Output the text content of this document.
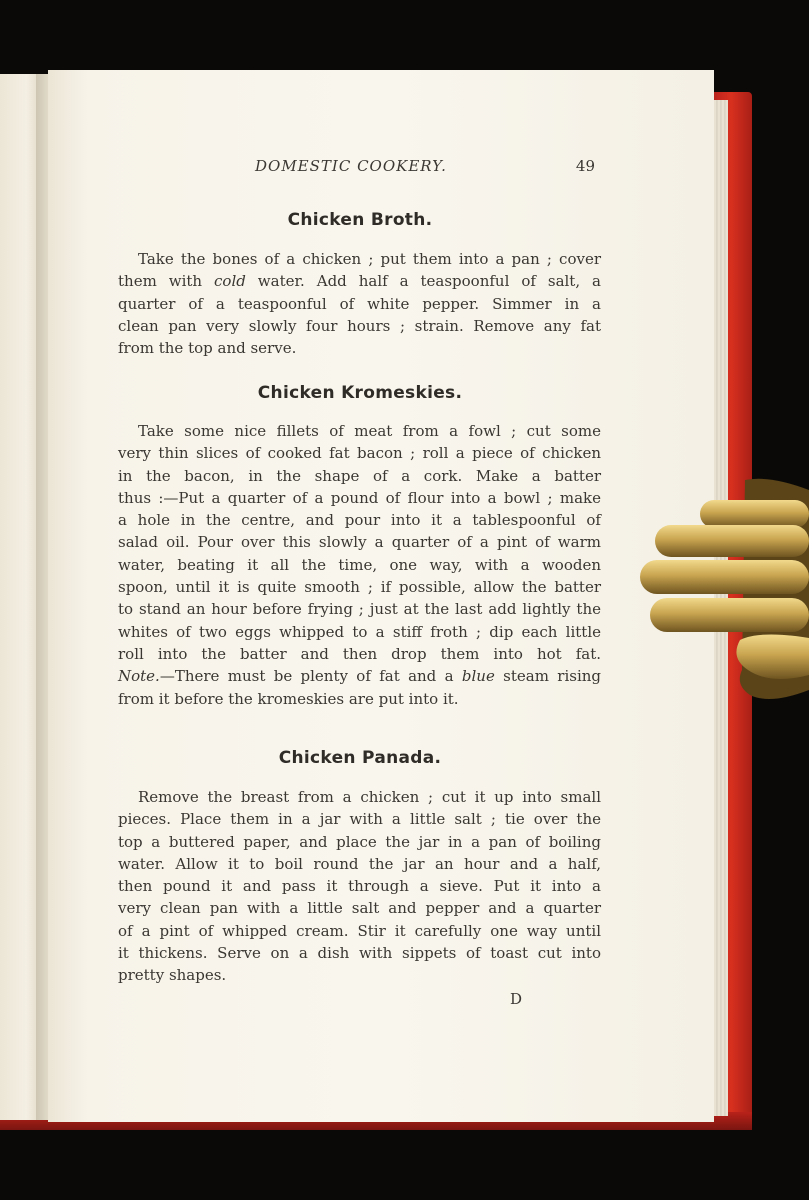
DOMESTIC COOKERY.	49
Chicken Broth.
Take the bones of a chicken ; put them into a pan ; cover
them with cold water. Add half a teaspoonful of salt, a
quarter of a teaspoonful of white pepper. Simmer in a
clean pan very slowly four hours ; strain. Remove any fat
from the top and serve.
Chicken Kromeskies.
Take some nice fillets of meat from a fowl ; cut some
very thin slices of cooked fat bacon ; roll a piece of chicken
in the bacon, in the shape of a cork. Make a batter
thus :—Put a quarter of a pound of flour into a bowl ; make
a hole in the centre, and pour into it a tablespoonful of
salad oil. Pour over this slowly a quarter of a pint of warm
water, beating it all the time, one way, with a wooden
spoon, until it is quite smooth ; if possible, allow the batter
to stand an hour before frying ; just at the last add lightly the
whites of two eggs whipped to a stiff froth ; dip each little
roll into the batter and then drop them into hot fat.
Note.—There must be plenty of fat and a blue steam rising
from it before the kromeskies are put into it.
Chicken Panada.
Remove the breast from a chicken ; cut it up into small
pieces. Place them in a jar with a little salt ; tie over the
top a buttered paper, and place the jar in a pan of boiling
water. Allow it to boil round the jar an hour and a half,
then pound it and pass it through a sieve. Put it into a
very clean pan with a little salt and pepper and a quarter
of a pint of whipped cream. Stir it carefully one way until
it thickens. Serve on a dish with sippets of toast cut into
pretty shapes.
D
